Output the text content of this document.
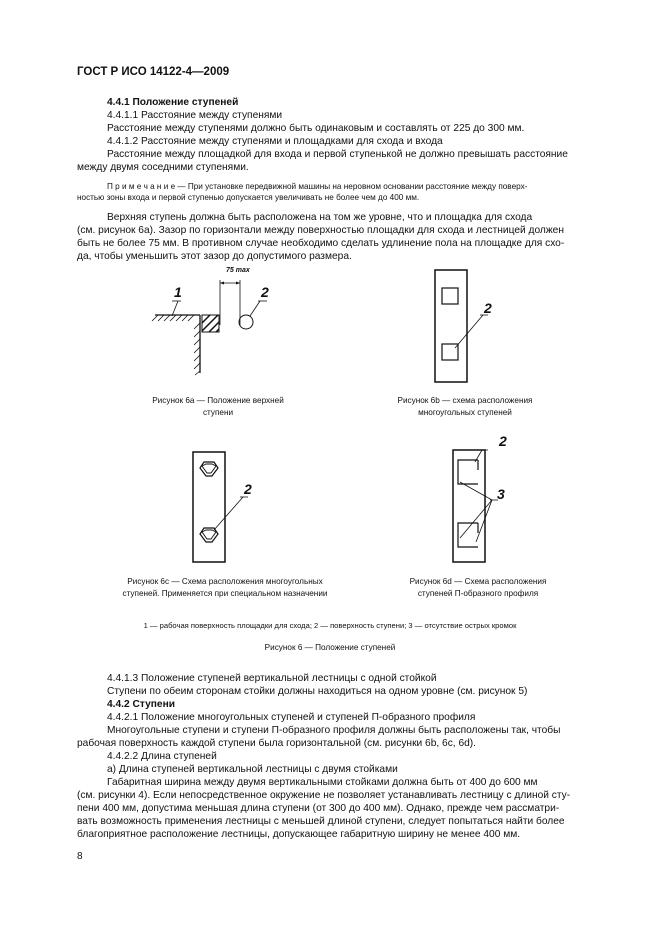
ГОСТ Р ИСО 14122-4—2009
4.4.1 Положение ступеней
4.4.1.1 Расстояние между ступенями
Расстояние между ступенями должно быть одинаковым и составлять от 225 до 300 мм.
4.4.1.2 Расстояние между ступенями и площадками для схода и входа
Расстояние между площадкой для входа и первой ступенькой не должно превышать расстояние
между двумя соседними ступенями.
П р и м е ч а н и е — При установке передвижной машины на неровном основании расстояние между поверх-
ностью зоны входа и первой ступенью допускается увеличивать не более чем до 400 мм.
Верхняя ступень должна быть расположена на том же уровне, что и площадка для схода
(см. рисунок 6a). Зазор по горизонтали между поверхностью площадки для схода и лестницей должен
быть не более 75 мм. В противном случае необходимо сделать удлинение пола на площадке для схо-
да, чтобы уменьшить этот зазор до допустимого размера.
75 max
1	2
2
Рисунок 6a — Положение верхней
ступени
Рисунок 6b — схема расположения
многоугольных ступеней
2
2
3
Рисунок 6c — Схема расположения многоугольных
ступеней. Применяется при специальном назначении
Рисунок 6d — Схема расположения
ступеней П-образного профиля
1 — рабочая поверхность площадки для схода; 2 — поверхность ступени; 3 — отсутствие острых кромок
Рисунок 6 — Положение ступеней
4.4.1.3 Положение ступеней вертикальной лестницы с одной стойкой
Ступени по обеим сторонам стойки должны находиться на одном уровне (см. рисунок 5)
4.4.2 Ступени
4.4.2.1 Положение многоугольных ступеней и ступеней П-образного профиля
Многоугольные ступени и ступени П-образного профиля должны быть расположены так, чтобы
рабочая поверхность каждой ступени была горизонтальной (см. рисунки 6b, 6c, 6d).
4.4.2.2 Длина ступеней
a) Длина ступеней вертикальной лестницы с двумя стойками
Габаритная ширина между двумя вертикальными стойками должна быть от 400 до 600 мм
(см. рисунки 4). Если непосредственное окружение не позволяет устанавливать лестницу с длиной сту-
пени 400 мм, допустима меньшая длина ступени (от 300 до 400 мм). Однако, прежде чем рассматри-
вать возможность применения лестницы с меньшей длиной ступени, следует попытаться найти более
благоприятное расположение лестницы, допускающее габаритную ширину не менее 400 мм.
8
